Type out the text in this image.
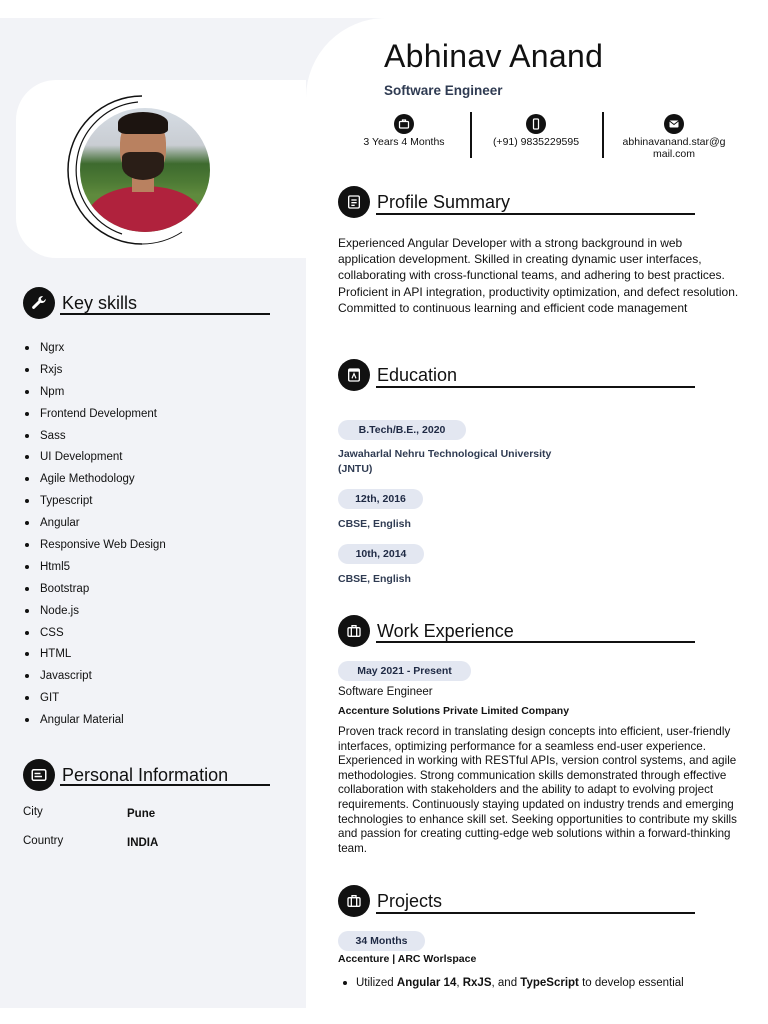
Key skills
Ngrx
Rxjs
Npm
Frontend Development
Sass
UI Development
Agile Methodology
Typescript
Angular
Responsive Web Design
Html5
Bootstrap
Node.js
CSS
HTML
Javascript
GIT
Angular Material
Personal Information
City	Pune
Country	INDIA
Abhinav Anand
Software Engineer
3 Years 4 Months	(+91) 9835229595	abhinavanand.star@g
mail.com
Profile Summary
Experienced Angular Developer with a strong background in web application development. Skilled in creating dynamic user interfaces, collaborating with cross-functional teams, and adhering to best practices. Proficient in API integration, productivity optimization, and defect resolution. Committed to continuous learning and efficient code management
Education
B.Tech/B.E., 2020
Jawaharlal Nehru Technological University
(JNTU)
12th, 2016
CBSE, English
10th, 2014
CBSE, English
Work Experience
May 2021 - Present
Software Engineer
Accenture Solutions Private Limited Company
Proven track record in translating design concepts into efficient, user-friendly interfaces, optimizing performance for a seamless end-user experience. Experienced in working with RESTful APIs, version control systems, and agile methodologies. Strong communication skills demonstrated through effective collaboration with stakeholders and the ability to adapt to evolving project requirements. Continuously staying updated on industry trends and emerging technologies to enhance skill set. Seeking opportunities to contribute my skills and passion for creating cutting-edge web solutions within a forward-thinking team.
Projects
34 Months
Accenture | ARC Worlspace
Utilized Angular 14 , RxJS , and TypeScript to develop essential
